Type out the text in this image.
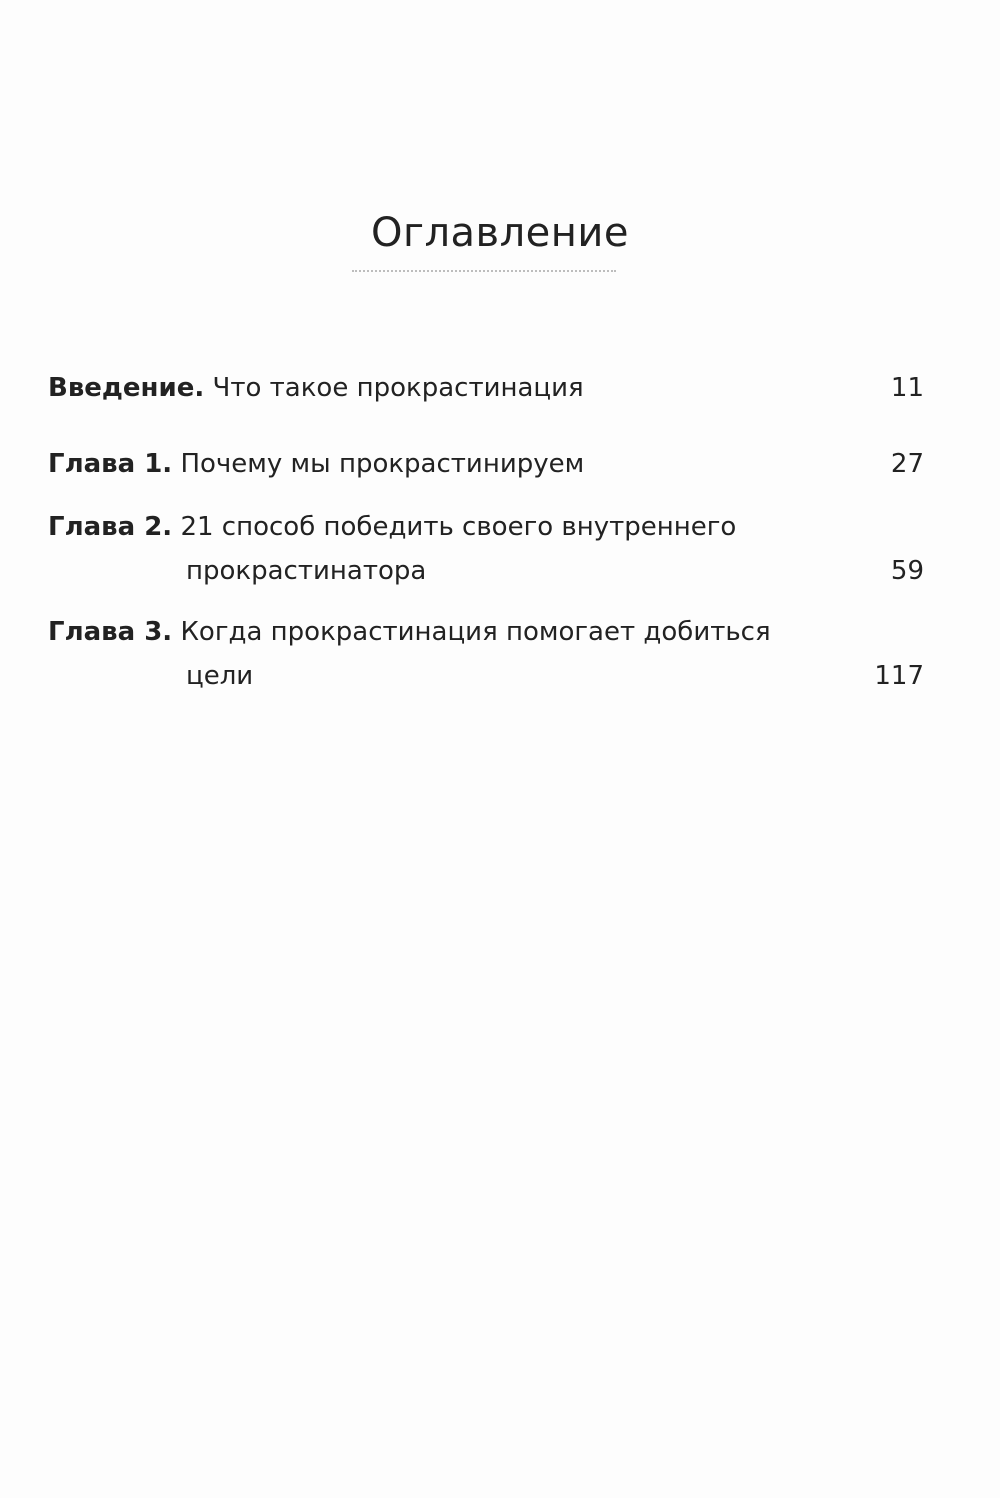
Оглавление
Введение. Что такое прокрастинация	11
Глава 1. Почему мы прокрастинируем	27
Глава 2. 21 способ победить своего внутреннего
прокрастинатора	59
Глава 3. Когда прокрастинация помогает добиться
цели	117
